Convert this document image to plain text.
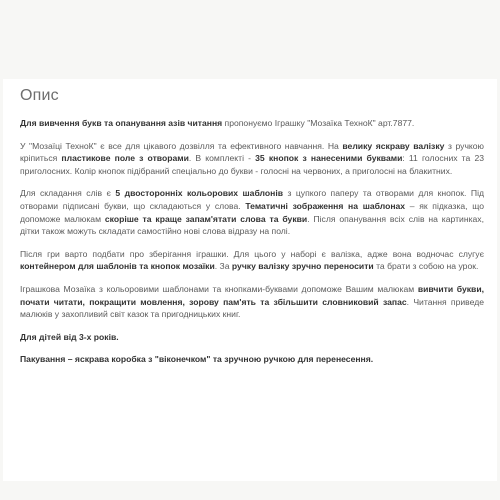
Опис

Для вивчення букв та опанування азів читання пропонуємо Іграшку "Мозаїка ТехноК" арт.7877.

У "Мозаїці ТехноК" є все для цікавого дозвілля та ефективного навчання. На велику яскраву валізку з ручкою кріпиться пластикове поле з отворами. В комплекті - 35 кнопок з нанесеними буквами: 11 голосних та 23 приголосних. Колір кнопок підібраний спеціально до букви - голосні на червоних, а приголосні на блакитних.

Для складання слів є 5 двосторонніх кольорових шаблонів з цупкого паперу та отворами для кнопок. Під отворами підписані букви, що складаються у слова. Тематичні зображення на шаблонах – як підказка, що допоможе малюкам скоріше та краще запам'ятати слова та букви. Після опанування всіх слів на картинках, дітки також можуть складати самостійно нові слова відразу на полі.

Після гри варто подбати про зберігання іграшки. Для цього у наборі є валізка, адже вона водночас слугує контейнером для шаблонів та кнопок мозаїки. За ручку валізку зручно переносити та брати з собою на урок.

Іграшкова Мозаїка з кольоровими шаблонами та кнопками-буквами допоможе Вашим малюкам вивчити букви, почати читати, покращити мовлення, зорову пам'ять та збільшити словниковий запас. Читання приведе малюків у захопливий світ казок та пригодницьких книг.

Для дітей від 3-х років.

Пакування – яскрава коробка з "віконечком" та зручною ручкою для перенесення.
